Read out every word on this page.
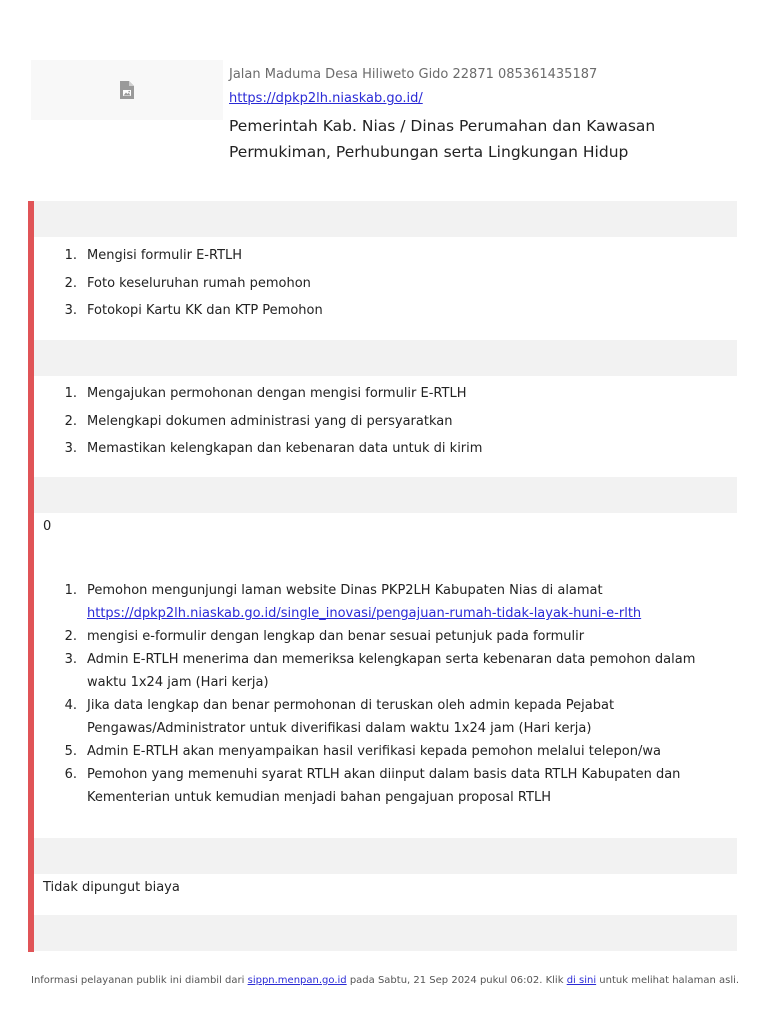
Jalan Maduma Desa Hiliweto Gido 22871 085361435187
https://dpkp2lh.niaskab.go.id/
Pemerintah Kab. Nias / Dinas Perumahan dan Kawasan Permukiman, Perhubungan serta Lingkungan Hidup
Mengisi formulir E-RTLH
Foto keseluruhan rumah pemohon
Fotokopi Kartu KK dan KTP Pemohon
Mengajukan permohonan dengan mengisi formulir E-RTLH
Melengkapi dokumen administrasi yang di persyaratkan
Memastikan kelengkapan dan kebenaran data untuk di kirim
0
Pemohon mengunjungi laman website Dinas PKP2LH Kabupaten Nias di alamat
https://dpkp2lh.niaskab.go.id/single_inovasi/pengajuan-rumah-tidak-layak-huni-e-rlth
mengisi e-formulir dengan lengkap dan benar sesuai petunjuk pada formulir
Admin E-RTLH menerima dan memeriksa kelengkapan serta kebenaran data pemohon dalam waktu 1x24 jam (Hari kerja)
Jika data lengkap dan benar permohonan di teruskan oleh admin kepada Pejabat Pengawas/Administrator untuk diverifikasi dalam waktu 1x24 jam (Hari kerja)
Admin E-RTLH akan menyampaikan hasil verifikasi kepada pemohon melalui telepon/wa
Pemohon yang memenuhi syarat RTLH akan diinput dalam basis data RTLH Kabupaten dan Kementerian untuk kemudian menjadi bahan pengajuan proposal RTLH
Tidak dipungut biaya
Informasi pelayanan publik ini diambil dari sippn.menpan.go.id pada Sabtu, 21 Sep 2024 pukul 06:02. Klik di sini untuk melihat halaman asli.
